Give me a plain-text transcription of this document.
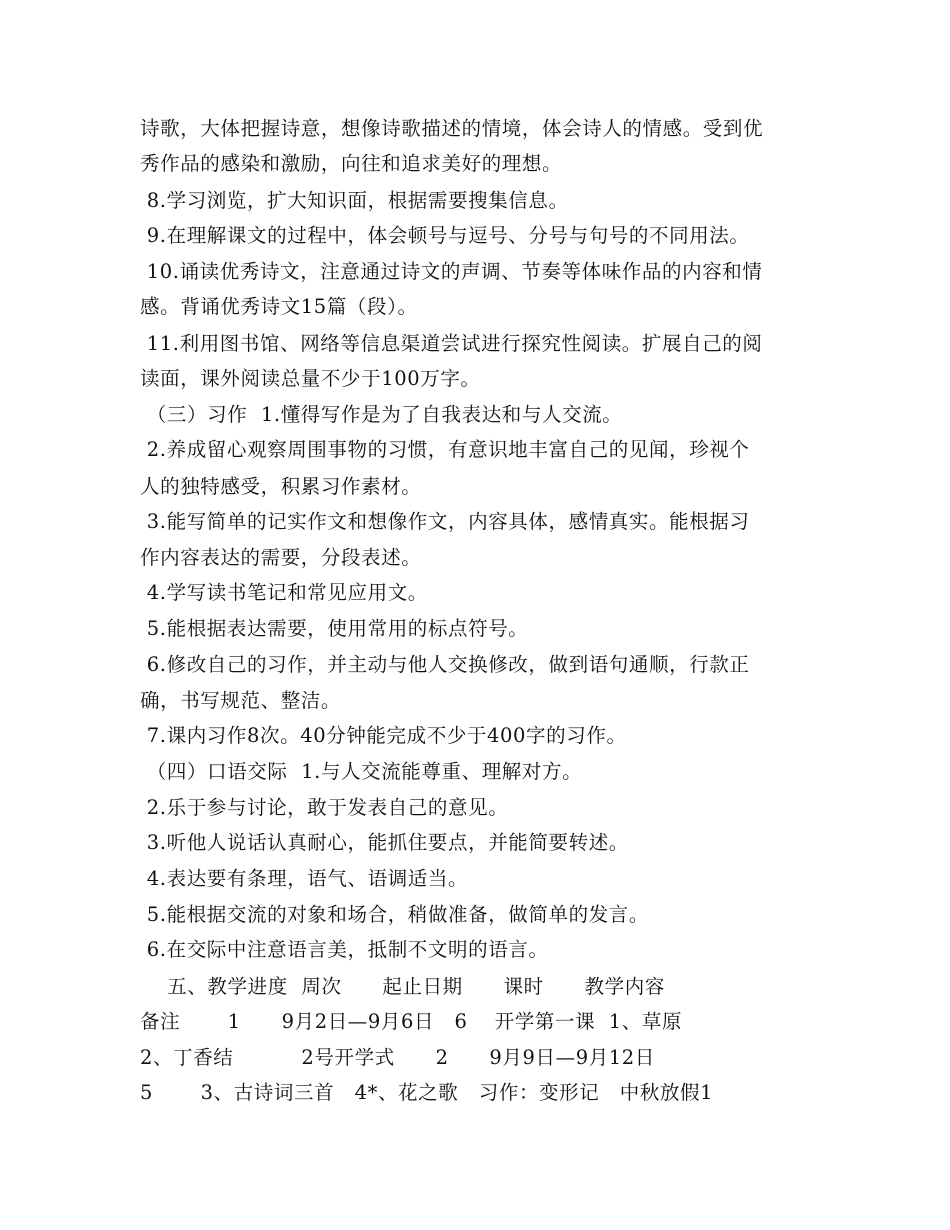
诗歌，大体把握诗意，想像诗歌描述的情境，体会诗人的情感。受到优
秀作品的感染和激励，向往和追求美好的理想。
8.学习浏览，扩大知识面，根据需要搜集信息。
9.在理解课文的过程中，体会顿号与逗号、分号与句号的不同用法。
10.诵读优秀诗文，注意通过诗文的声调、节奏等体味作品的内容和情
感。背诵优秀诗文15篇（段）。
11.利用图书馆、网络等信息渠道尝试进行探究性阅读。扩展自己的阅
读面，课外阅读总量不少于100万字。
（三）习作  1.懂得写作是为了自我表达和与人交流。
2.养成留心观察周围事物的习惯，有意识地丰富自己的见闻，珍视个
人的独特感受，积累习作素材。
3.能写简单的记实作文和想像作文，内容具体，感情真实。能根据习
作内容表达的需要，分段表述。
4.学写读书笔记和常见应用文。
5.能根据表达需要，使用常用的标点符号。
6.修改自己的习作，并主动与他人交换修改，做到语句通顺，行款正
确，书写规范、整洁。
7.课内习作8次。40分钟能完成不少于400字的习作。
（四）口语交际  1.与人交流能尊重、理解对方。
2.乐于参与讨论，敢于发表自己的意见。
3.听他人说话认真耐心，能抓住要点，并能简要转述。
4.表达要有条理，语气、语调适当。
5.能根据交流的对象和场合，稍做准备，做简单的发言。
6.在交际中注意语言美，抵制不文明的语言。
五、教学进度  周次      起止日期      课时      教学内容
备注       1      9月2日—9月6日   6    开学第一课  1、草原
2、丁香结          2号开学式      2      9月9日—9月12日
5       3、古诗词三首   4*、花之歌   习作：变形记   中秋放假1
